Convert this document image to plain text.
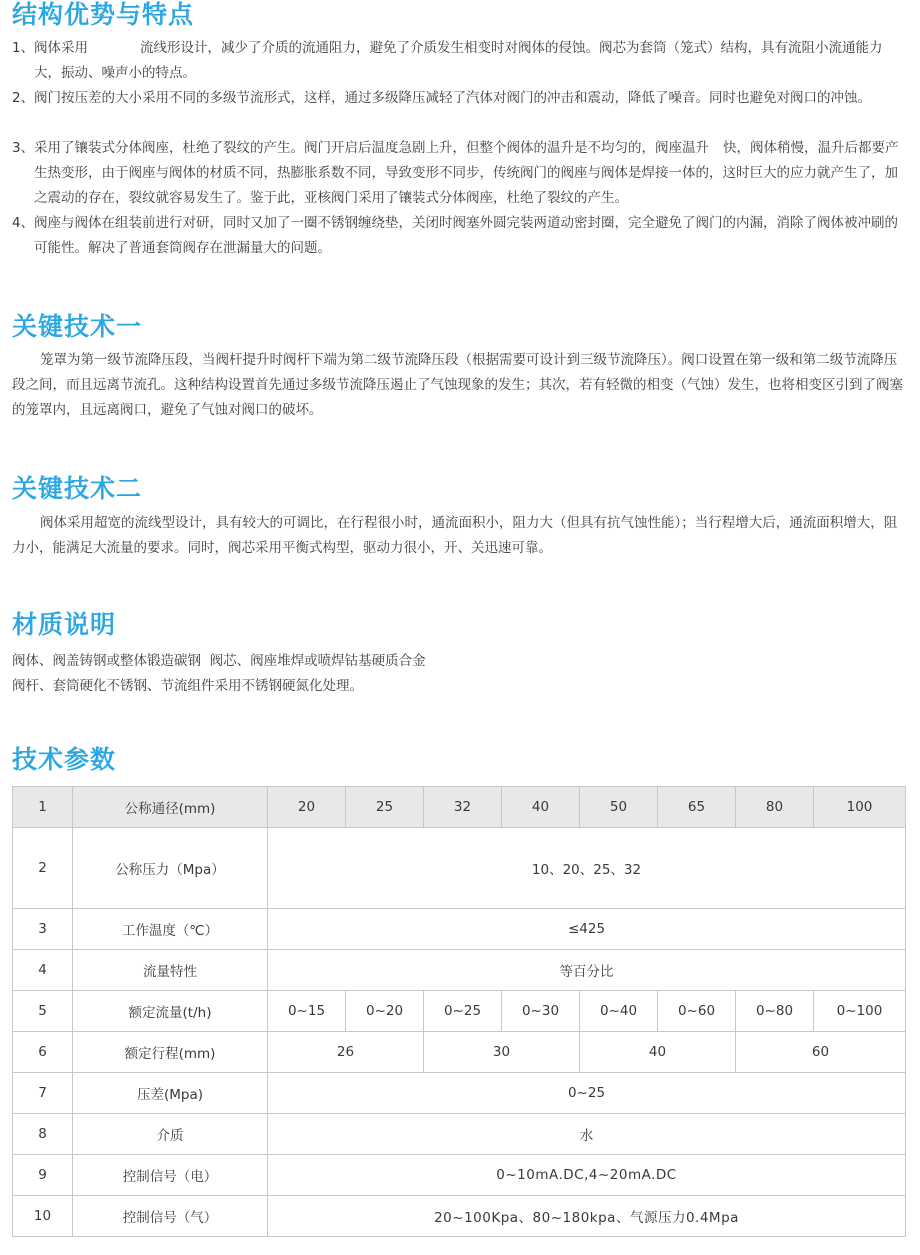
结构优势与特点
1、 阀体采用	流线形设计，减少了介质的流通阻力，避免了介质发生相变时对阀体的侵蚀。阀芯为套筒（笼式）结构，具有流阻小流通能力大，振动、噪声小的特点。
2、 阀门按压差的大小采用不同的多级节流形式，这样，通过多级降压减轻了汽体对阀门的冲击和震动，降低了噪音。同时也避免对阀口的冲蚀。
3、 采用了镶装式分体阀座，杜绝了裂纹的产生。阀门开启后温度急剧上升，但整个阀体的温升是不均匀的，阀座温升 快，阀体稍慢，温升后都要产生热变形，由于阀座与阀体的材质不同，热膨胀系数不同，导致变形不同步，传统阀门的阀座与阀体是焊接一体的，这时巨大的应力就产生了，加之震动的存在，裂纹就容易发生了。鉴于此，亚核阀门采用了镶装式分体阀座，杜绝了裂纹的产生。
4、 阀座与阀体在组装前进行对研，同时又加了一圈不锈钢缠绕垫，关闭时阀塞外圆完装两道动密封圈，完全避免了阀门的内漏，消除了阀体被冲刷的可能性。解决了普通套筒阀存在泄漏量大的问题。
关键技术一
笼罩为第一级节流降压段，当阀杆提升时阀杆下端为第二级节流降压段（根据需要可设计到三级节流降压）。阀口设置在第一级和第二级节流降压段之间，而且远离节流孔。这种结构设置首先通过多级节流降压遏止了气蚀现象的发生；其次，若有轻微的相变（气蚀）发生，也将相变区引到了阀塞的笼罩内，且远离阀口，避免了气蚀对阀口的破坏。
关键技术二
阀体采用超宽的流线型设计，具有较大的可调比，在行程很小时，通流面积小，阻力大（但具有抗气蚀性能）；当行程增大后，通流面积增大，阻力小，能满足大流量的要求。同时，阀芯采用平衡式构型，驱动力很小，开、关迅速可靠。
材质说明
阀体、阀盖铸钢或整体锻造碳钢  阀芯、阀座堆焊或喷焊钴基硬质合金
阀杆、套筒硬化不锈钢、节流组件采用不锈钢硬氮化处理。
技术参数
1	公称通径(mm)	20	25	32	40	50	65	80	100
2	公称压力（Mpa）	10、20、25、32							
3	工作温度（℃）	≤425							
4	流量特性	等百分比							
5	额定流量(t/h)	0~15	0~20	0~25	0~30	0~40	0~60	0~80	0~100
6	额定行程(mm)	26		30		40		60	
7	压差(Mpa)	0~25							
8	介质	水							
9	控制信号（电）	0~10mA.DC,4~20mA.DC							
10	控制信号（气）	20~100Kpa、80~180kpa、气源压力0.4Mpa							
